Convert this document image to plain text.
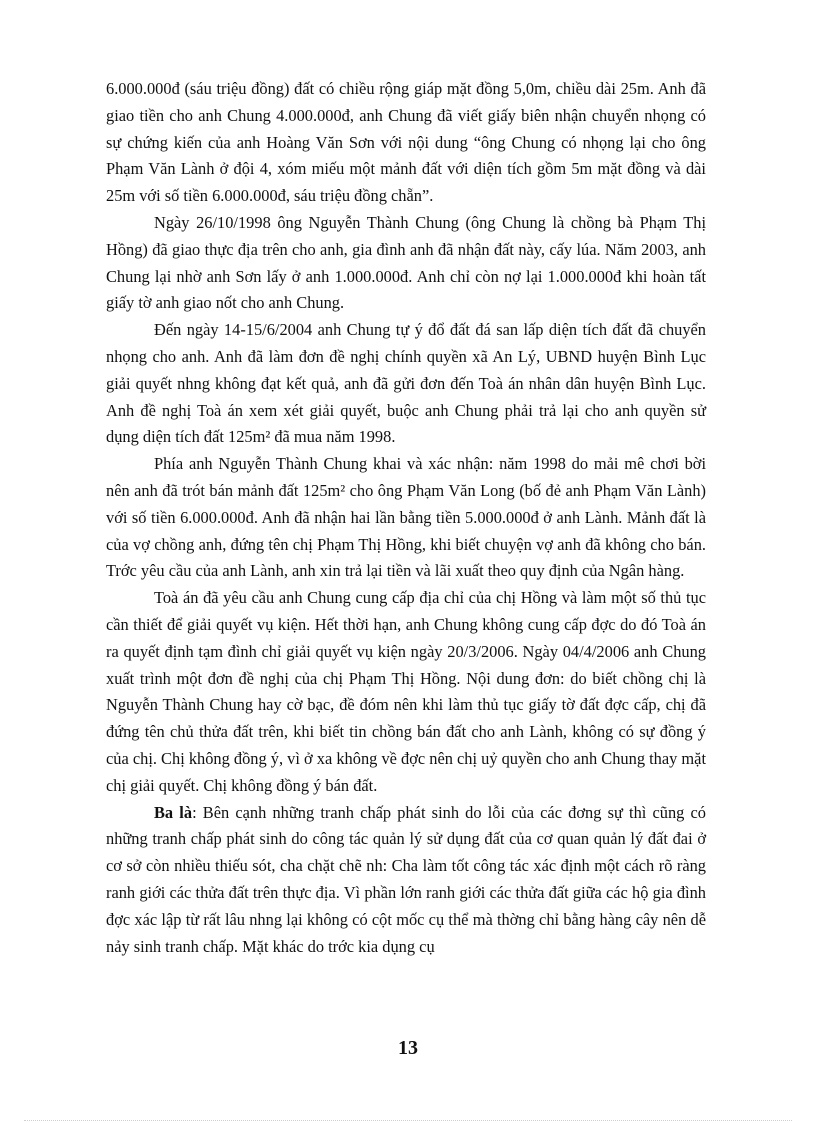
6.000.000đ (sáu triệu đồng) đất có chiều rộng giáp mặt đồng 5,0m, chiều dài 25m. Anh đã giao tiền cho anh Chung 4.000.000đ, anh Chung đã viết giấy biên nhận chuyển nhọng có sự chứng kiến của anh Hoàng Văn Sơn với nội dung “ông Chung có nhọng lại cho ông Phạm Văn Lành ở đội 4, xóm miếu một mảnh đất với diện tích gồm 5m mặt đồng và dài 25m với số tiền 6.000.000đ, sáu triệu đồng chẵn”.

Ngày 26/10/1998 ông Nguyễn Thành Chung (ông Chung là chồng bà Phạm Thị Hồng) đã giao thực địa trên cho anh, gia đình anh đã nhận đất này, cấy lúa. Năm 2003, anh Chung lại nhờ anh Sơn lấy ở anh 1.000.000đ. Anh chỉ còn nợ lại 1.000.000đ khi hoàn tất giấy tờ anh giao nốt cho anh Chung.

Đến ngày 14-15/6/2004 anh Chung tự ý đổ đất đá san lấp diện tích đất đã chuyển nhọng cho anh. Anh đã làm đơn đề nghị chính quyền xã An Lý, UBND huyện Bình Lục giải quyết nhng không đạt kết quả, anh đã gửi đơn đến Toà án nhân dân huyện Bình Lục. Anh đề nghị Toà án xem xét giải quyết, buộc anh Chung phải trả lại cho anh quyền sử dụng diện tích đất 125m² đã mua năm 1998.

Phía anh Nguyễn Thành Chung khai và xác nhận: năm 1998 do mải mê chơi bời nên anh đã trót bán mảnh đất 125m² cho ông Phạm Văn Long (bố đẻ anh Phạm Văn Lành) với số tiền 6.000.000đ. Anh đã nhận hai lần bằng tiền 5.000.000đ ở anh Lành. Mảnh đất là của vợ chồng anh, đứng tên chị Phạm Thị Hồng, khi biết chuyện vợ anh đã không cho bán. Trớc yêu cầu của anh Lành, anh xin trả lại tiền và lãi xuất theo quy định của Ngân hàng.

Toà án đã yêu cầu anh Chung cung cấp địa chỉ của chị Hồng và làm một số thủ tục cần thiết để giải quyết vụ kiện. Hết thời hạn, anh Chung không cung cấp đợc do đó Toà án ra quyết định tạm đình chỉ giải quyết vụ kiện ngày 20/3/2006. Ngày 04/4/2006 anh Chung xuất trình một đơn đề nghị của chị Phạm Thị Hồng. Nội dung đơn: do biết chồng chị là Nguyễn Thành Chung hay cờ bạc, đề đóm nên khi làm thủ tục giấy tờ đất đợc cấp, chị đã đứng tên chủ thửa đất trên, khi biết tin chồng bán đất cho anh Lành, không có sự đồng ý của chị. Chị không đồng ý, vì ở xa không về đợc nên chị uỷ quyền cho anh Chung thay mặt chị giải quyết. Chị không đồng ý bán đất.

Ba là: Bên cạnh những tranh chấp phát sinh do lỗi của các đơng sự thì cũng có những tranh chấp phát sinh do công tác quản lý sử dụng đất của cơ quan quản lý đất đai ở cơ sở còn nhiều thiếu sót, cha chặt chẽ nh: Cha làm tốt công tác xác định một cách rõ ràng ranh giới các thửa đất trên thực địa. Vì phần lớn ranh giới các thửa đất giữa các hộ gia đình đợc xác lập từ rất lâu nhng lại không có cột mốc cụ thể mà thờng chỉ bằng hàng cây nên dễ nảy sinh tranh chấp. Mặt khác do trớc kia dụng cụ

13
